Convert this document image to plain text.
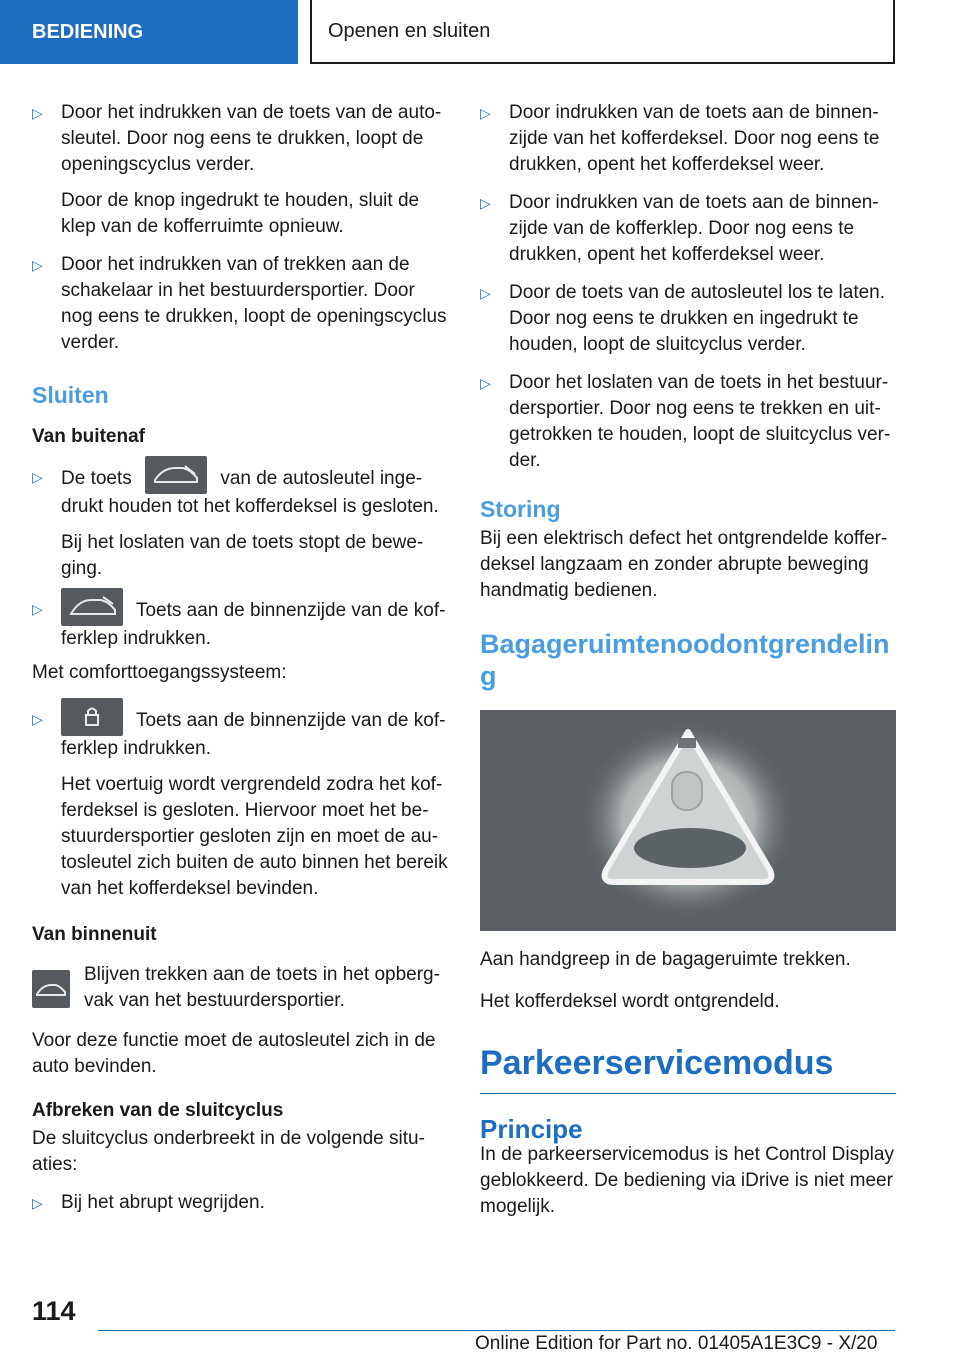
BEDIENING	Openen en sluiten
▷ Door het indrukken van de toets van de autosleutel. Door nog eens te drukken, loopt de openingscyclus verder.

Door de knop ingedrukt te houden, sluit de klep van de kofferruimte opnieuw.

▷ Door het indrukken van of trekken aan de schakelaar in het bestuurdersportier. Door nog eens te drukken, loopt de openingscyclus verder.

Sluiten
Van buitenaf
▷ De toets	van de autosleutel ingedrukt houden tot het kofferdeksel is gesloten.

Bij het loslaten van de toets stopt de beweging.

▷	Toets aan de binnenzijde van de kofferklep indrukken.

Met comforttoegangssysteem:

▷	Toets aan de binnenzijde van de kofferklep indrukken.

Het voertuig wordt vergrendeld zodra het kofferdeksel is gesloten. Hiervoor moet het bestuurdersportier gesloten zijn en moet de autosleutel zich buiten de auto binnen het bereik van het kofferdeksel bevinden.

Van binnenuit

Blijven trekken aan de toets in het opbergvak van het bestuurdersportier.

Voor deze functie moet de autosleutel zich in de auto bevinden.

Afbreken van de sluitcyclus

De sluitcyclus onderbreekt in de volgende situaties:

▷ Bij het abrupt wegrijden.

▷ Door indrukken van de toets aan de binnenzijde van het kofferdeksel. Door nog eens te drukken, opent het kofferdeksel weer.

▷ Door indrukken van de toets aan de binnenzijde van de kofferklep. Door nog eens te drukken, opent het kofferdeksel weer.

▷ Door de toets van de autosleutel los te laten. Door nog eens te drukken en ingedrukt te houden, loopt de sluitcyclus verder.

▷ Door het loslaten van de toets in het bestuurdersportier. Door nog eens te trekken en uitgetrokken te houden, loopt de sluitcyclus verder.

Storing

Bij een elektrisch defect het ontgrendelde kofferdeksel langzaam en zonder abrupte beweging handmatig bedienen.

Bagageruimtenoodontgrendelin g

Aan handgreep in de bagageruimte trekken.

Het kofferdeksel wordt ontgrendeld.

Parkeerservicemodus
Principe

In de parkeerservicemodus is het Control Display geblokkeerd. De bediening via iDrive is niet meer mogelijk.

114
Online Edition for Part no. 01405A1E3C9 - X/20
